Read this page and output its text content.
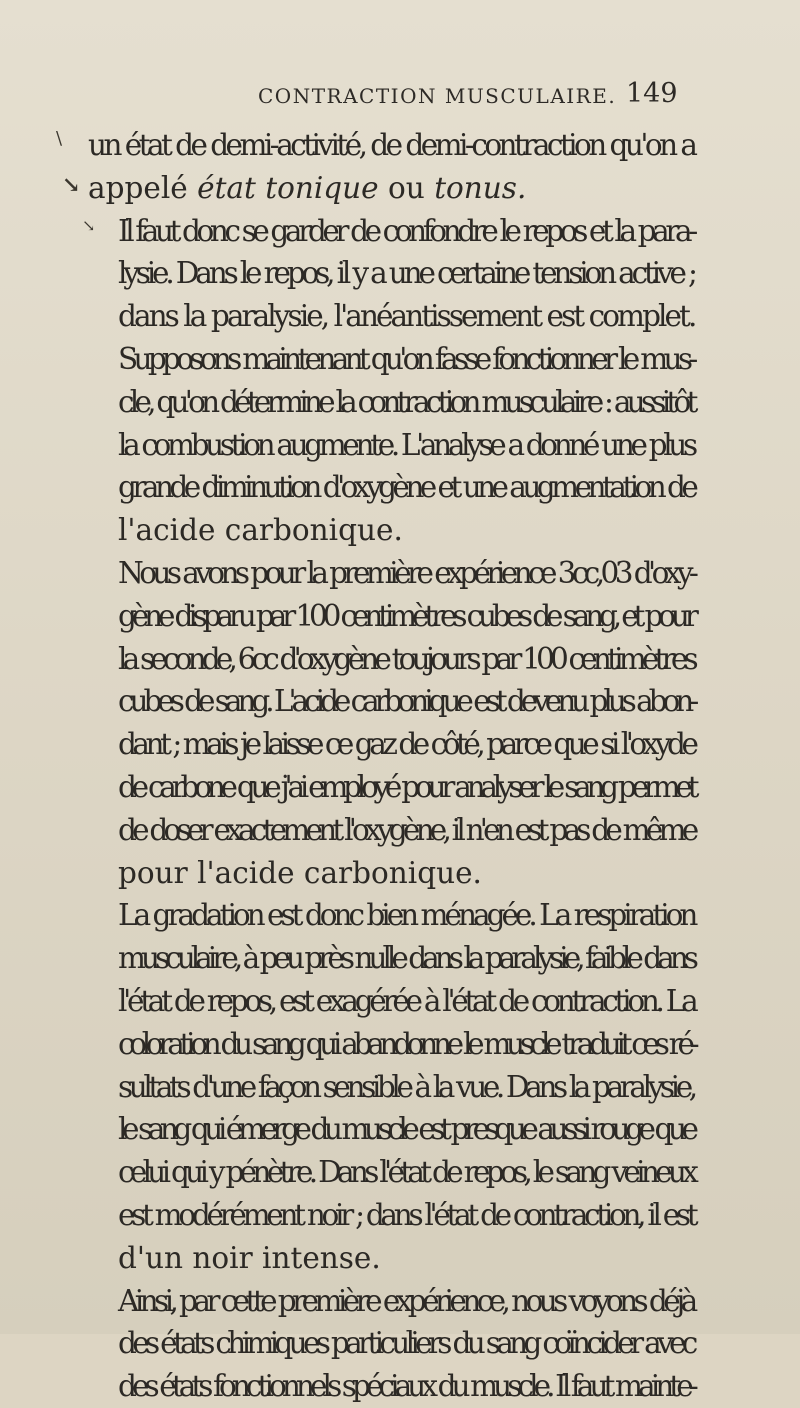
CONTRACTION MUSCULAIRE. 149
\
↘
↘

un état de demi-activité, de demi-contraction qu'on a
appelé état tonique ou tonus.

Il faut donc se garder de confondre le repos et la para-
lysie. Dans le repos, il y a une certaine tension active ;
dans la paralysie, l'anéantissement est complet.

Supposons maintenant qu'on fasse fonctionner le mus-
cle, qu'on détermine la contraction musculaire : aussitôt
la combustion augmente. L'analyse a donné une plus
grande diminution d'oxygène et une augmentation de
l'acide carbonique.

Nous avons pour la première expérience 3cc,03 d'oxy-
gène disparu par 100 centimètres cubes de sang, et pour
la seconde, 6cc d'oxygène toujours par 100 centimètres
cubes de sang. L'acide carbonique est devenu plus abon-
dant ; mais je laisse ce gaz de côté, parce que si l'oxyde
de carbone que j'ai employé pour analyser le sang permet
de doser exactement l'oxygène, il n'en est pas de même
pour l'acide carbonique.

La gradation est donc bien ménagée. La respiration
musculaire, à peu près nulle dans la paralysie, faible dans
l'état de repos, est exagérée à l'état de contraction. La
coloration du sang qui abandonne le muscle traduit ces ré-
sultats d'une façon sensible à la vue. Dans la paralysie,
le sang qui émerge du muscle est presque aussi rouge que
celui qui y pénètre. Dans l'état de repos, le sang veineux
est modérément noir ; dans l'état de contraction, il est
d'un noir intense.

Ainsi, par cette première expérience, nous voyons déjà
des états chimiques particuliers du sang coïncider avec
des états fonctionnels spéciaux du muscle. Il faut mainte-
